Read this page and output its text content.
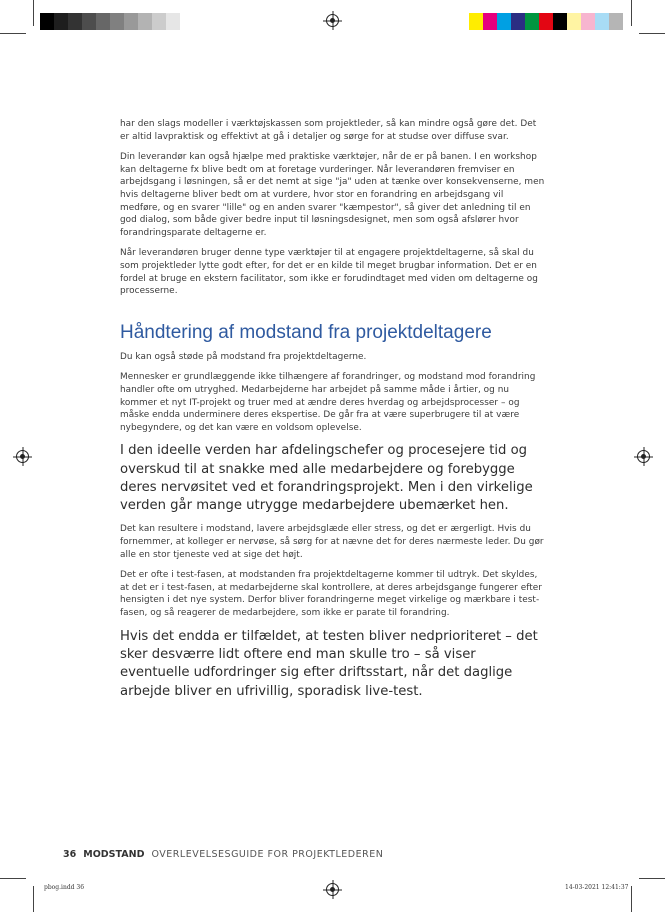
har den slags modeller i værktøjskassen som projektleder, så kan mindre også gøre det. Det er altid lavpraktisk og effektivt at gå i detaljer og sørge for at studse over diffuse svar.

Din leverandør kan også hjælpe med praktiske værktøjer, når de er på banen. I en workshop kan deltagerne fx blive bedt om at foretage vurderinger. Når leverandøren fremviser en arbejdsgang i løsningen, så er det nemt at sige "ja" uden at tænke over konsekvenserne, men hvis deltagerne bliver bedt om at vurdere, hvor stor en forandring en arbejdsgang vil medføre, og en svarer "lille" og en anden svarer "kæmpestor", så giver det anledning til en god dialog, som både giver bedre input til løsningsdesignet, men som også afslører hvor forandringsparate deltagerne er.

Når leverandøren bruger denne type værktøjer til at engagere projektdeltagerne, så skal du som projektleder lytte godt efter, for det er en kilde til meget brugbar information. Det er en fordel at bruge en ekstern facilitator, som ikke er forudindtaget med viden om deltagerne og processerne.

Håndtering af modstand fra projektdeltagere

Du kan også støde på modstand fra projektdeltagerne.

Mennesker er grundlæggende ikke tilhængere af forandringer, og modstand mod forandring handler ofte om utryghed. Medarbejderne har arbejdet på samme måde i årtier, og nu kommer et nyt IT-projekt og truer med at ændre deres hverdag og arbejdsprocesser – og måske endda underminere deres ekspertise. De går fra at være superbrugere til at være nybegyndere, og det kan være en voldsom oplevelse.

I den ideelle verden har afdelingschefer og procesejere tid og overskud til at snakke med alle medarbejdere og forebygge deres nervøsitet ved et forandringsprojekt. Men i den virkelige verden går mange utrygge medarbejdere ubemærket hen.

Det kan resultere i modstand, lavere arbejdsglæde eller stress, og det er ærgerligt. Hvis du fornemmer, at kolleger er nervøse, så sørg for at nævne det for deres nærmeste leder. Du gør alle en stor tjeneste ved at sige det højt.

Det er ofte i test-fasen, at modstanden fra projektdeltagerne kommer til udtryk. Det skyldes, at det er i test-fasen, at medarbejderne skal kontrollere, at deres arbejdsgange fungerer efter hensigten i det nye system. Derfor bliver forandringerne meget virkelige og mærkbare i test-fasen, og så reagerer de medarbejdere, som ikke er parate til forandring.

Hvis det endda er tilfældet, at testen bliver nedprioriteret – det sker desværre lidt oftere end man skulle tro – så viser eventuelle udfordringer sig efter driftsstart, når det daglige arbejde bliver en ufrivillig, sporadisk live-test.

36 MODSTAND OVERLEVELSESGUIDE FOR PROJEKTLEDEREN
pbog.indd 36	14-03-2021 12:41:37
